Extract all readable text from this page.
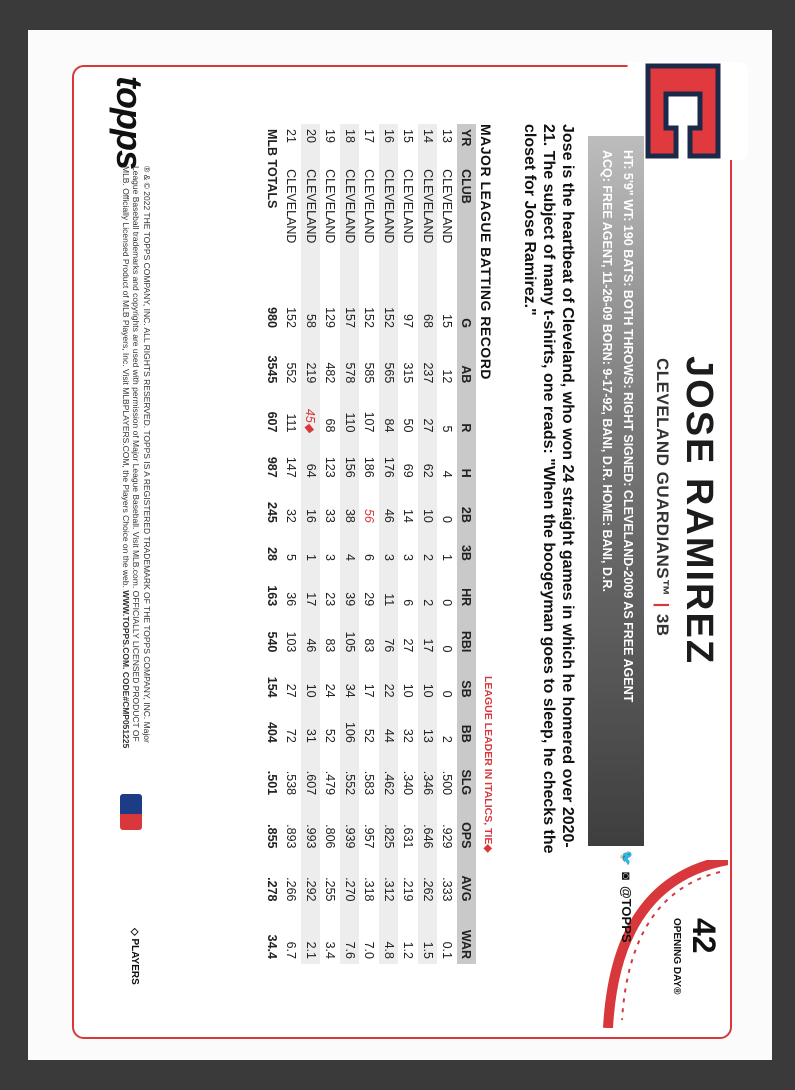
C
JOSE RAMIREZ
CLEVELAND GUARDIANS™|3B
42
OPENING DAY®
HT: 5'9" WT: 190 BATS: BOTH THROWS: RIGHT SIGNED: CLEVELAND-2009 AS FREE AGENT
ACQ: FREE AGENT, 11-26-09 BORN: 9-17-92, BANI, D.R. HOME: BANI, D.R.
🐦◙@TOPPS
Jose is the heartbeat of Cleveland, who won 24 straight games in which he homered over 2020-21. The subject of many t-shirts, one reads: "When the boogeyman goes to sleep, he checks the closet for Jose Ramirez."
MAJOR LEAGUE BATTING RECORD
LEAGUE LEADER IN ITALICS, TIE◆
YR	CLUB	G	AB	R	H	2B	3B	HR	RBI	SB	BB	SLG	OPS	AVG	WAR
13	CLEVELAND	15	12	5	4	0	1	0	0	0	2	.500	.929	.333	0.1
14	CLEVELAND	68	237	27	62	10	2	2	17	10	13	.346	.646	.262	1.5
15	CLEVELAND	97	315	50	69	14	3	6	27	10	32	.340	.631	.219	1.2
16	CLEVELAND	152	565	84	176	46	3	11	76	22	44	.462	.825	.312	4.8
17	CLEVELAND	152	585	107	186	56	6	29	83	17	52	.583	.957	.318	7.0
18	CLEVELAND	157	578	110	156	38	4	39	105	34	106	.552	.939	.270	7.6
19	CLEVELAND	129	482	68	123	33	3	23	83	24	52	.479	.806	.255	3.4
20	CLEVELAND	58	219	45◆	64	16	1	17	46	10	31	.607	.993	.292	2.1
21	CLEVELAND	152	552	111	147	32	5	36	103	27	72	.538	.893	.266	6.7
MLB TOTALS		980	3545	607	987	245	28	163	540	154	404	.501	.855	.278	34.4
topps
® & © 2022 THE TOPPS COMPANY, INC. ALL RIGHTS RESERVED. TOPPS IS A REGISTERED TRADEMARK OF THE TOPPS COMPANY, INC. Major League Baseball trademarks and copyrights are used with permission of Major League Baseball. Visit MLB.com. OFFICIALLY LICENSED PRODUCT OF MLB. Officially Licensed Product of MLB Players, Inc. Visit MLBPLAYERS.COM, the Players Choice on the web. WWW.TOPPS.COM. CODE#CMP051225
◇ PLAYERS
